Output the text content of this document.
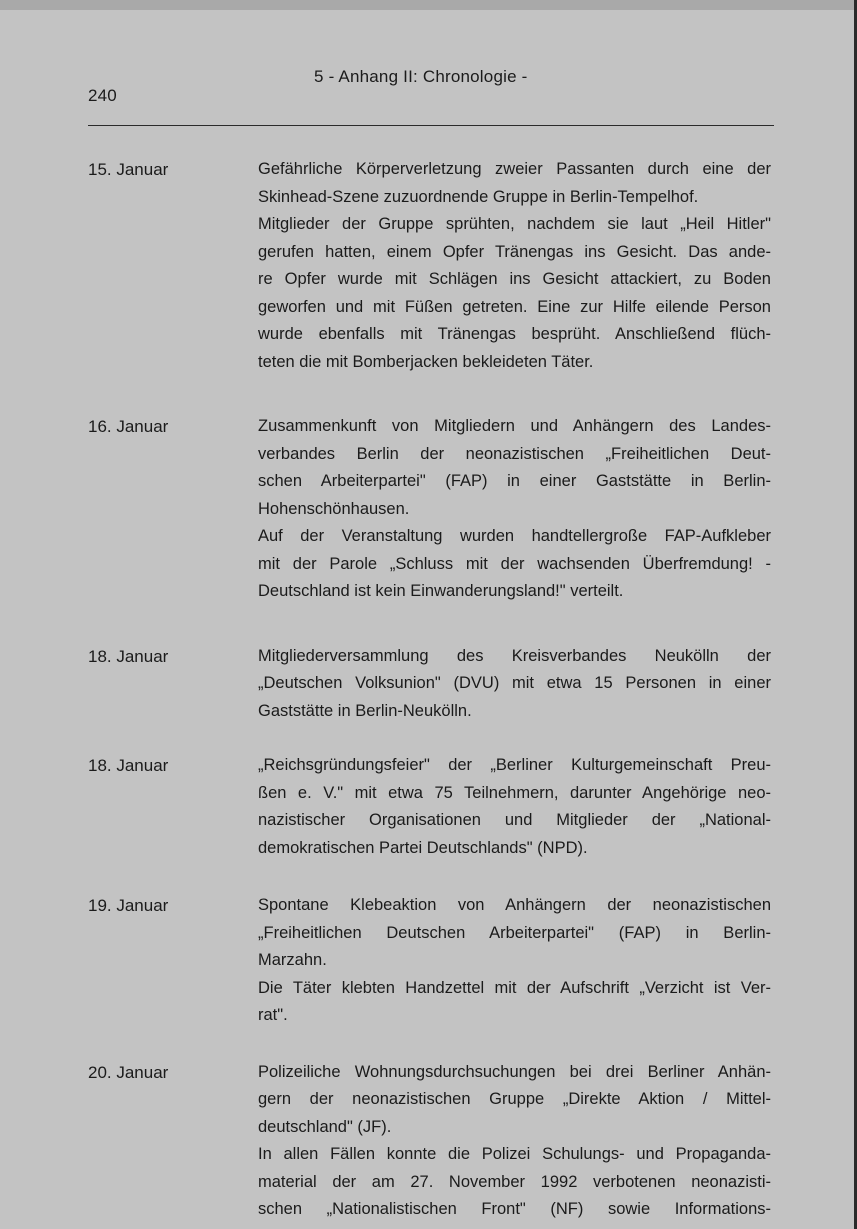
240
5 - Anhang II: Chronologie -
15. Januar	Gefährliche Körperverletzung zweier Passanten durch eine der
Skinhead-Szene zuzuordnende Gruppe in Berlin-Tempelhof.
Mitglieder der Gruppe sprühten, nachdem sie laut „Heil Hitler"
gerufen hatten, einem Opfer Tränengas ins Gesicht. Das ande-
re Opfer wurde mit Schlägen ins Gesicht attackiert, zu Boden
geworfen und mit Füßen getreten. Eine zur Hilfe eilende Person
wurde ebenfalls mit Tränengas besprüht. Anschließend flüch-
teten die mit Bomberjacken bekleideten Täter.

16. Januar	Zusammenkunft von Mitgliedern und Anhängern des Landes-
verbandes Berlin der neonazistischen „Freiheitlichen Deut-
schen Arbeiterpartei" (FAP) in einer Gaststätte in Berlin-
Hohenschönhausen.

Auf der Veranstaltung wurden handtellergroße FAP-Aufkleber
mit der Parole „Schluss mit der wachsenden Überfremdung! -
Deutschland ist kein Einwanderungsland!" verteilt.

18. Januar	Mitgliederversammlung des Kreisverbandes Neukölln der
„Deutschen Volksunion" (DVU) mit etwa 15 Personen in einer
Gaststätte in Berlin-Neukölln.

18. Januar	„Reichsgründungsfeier" der „Berliner Kulturgemeinschaft Preu-
ßen e. V." mit etwa 75 Teilnehmern, darunter Angehörige neo-
nazistischer Organisationen und Mitglieder der „National-
demokratischen Partei Deutschlands" (NPD).

19. Januar	Spontane Klebeaktion von Anhängern der neonazistischen
„Freiheitlichen Deutschen Arbeiterpartei" (FAP) in Berlin-
Marzahn.

Die Täter klebten Handzettel mit der Aufschrift „Verzicht ist Ver-
rat".

20. Januar	Polizeiliche Wohnungsdurchsuchungen bei drei Berliner Anhän-
gern der neonazistischen Gruppe „Direkte Aktion / Mittel-
deutschland" (JF).

In allen Fällen konnte die Polizei Schulungs- und Propaganda-
material der am 27. November 1992 verbotenen neonazisti-
schen „Nationalistischen Front" (NF) sowie Informations-
